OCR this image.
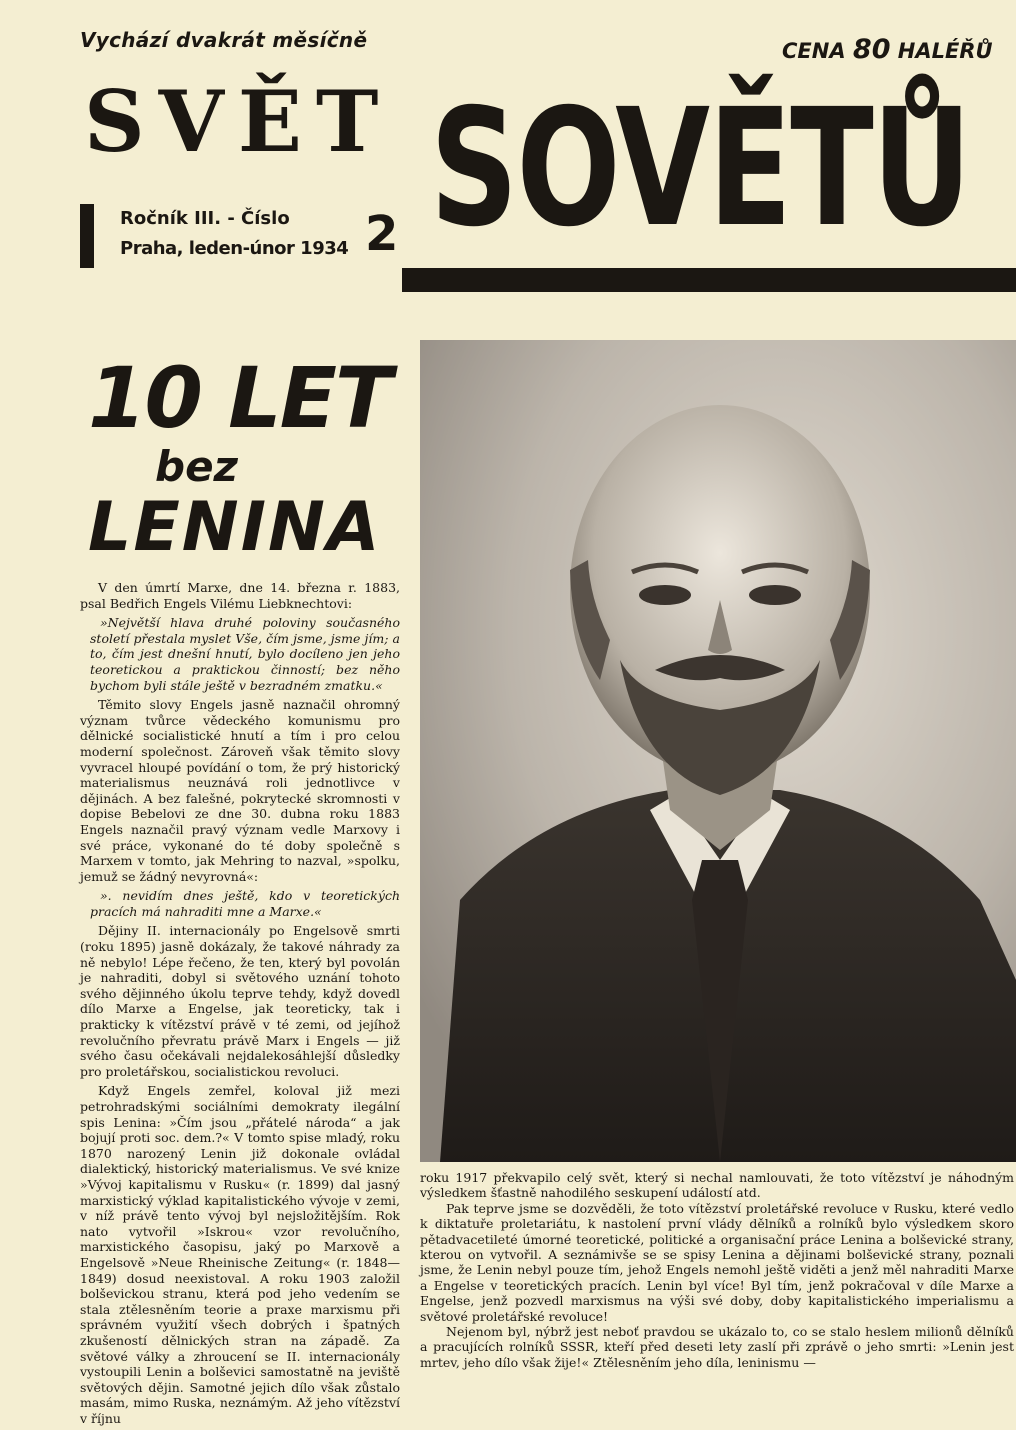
Vychází dvakrát měsíčně	CENA 80 HALÉŘŮ
SVĚT SOVĚTŮ
Ročník III. - Číslo
Praha, leden-únor 1934 2
10 LET
bez
LENINA

V den úmrtí Marxe, dne 14. března r. 1883, psal Bedřich Engels Vilému Liebknechtovi:

»Největší hlava druhé poloviny současného století přestala myslet Vše, čím jsme, jsme jím; a to, čím jest dnešní hnutí, bylo docíleno jen jeho teoretickou a praktickou činností; bez něho bychom byli stále ještě v bezradném zmatku.«

Těmito slovy Engels jasně naznačil ohromný význam tvůrce vědeckého komunismu pro dělnické socialistické hnutí a tím i pro celou moderní společnost. Zároveň však těmito slovy vyvracel hloupé povídání o tom, že prý historický materialismus neuznává roli jednotlivce v dějinách. A bez falešné, pokrytecké skromnosti v dopise Bebelovi ze dne 30. dubna roku 1883 Engels naznačil pravý význam vedle Marxovy i své práce, vykonané do té doby společně s Marxem v tomto, jak Mehring to nazval, »spolku, jemuž se žádný nevyrovná«:

». nevidím dnes ještě, kdo v teoretických pracích má nahraditi mne a Marxe.«

Dějiny II. internacionály po Engelsově smrti (roku 1895) jasně dokázaly, že takové náhrady za ně nebylo! Lépe řečeno, že ten, který byl povolán je nahraditi, dobyl si světového uznání tohoto svého dějinného úkolu teprve tehdy, když dovedl dílo Marxe a Engelse, jak teoreticky, tak i prakticky k vítězství právě v té zemi, od jejíhož revolučního převratu právě Marx i Engels — již svého času očekávali nejdalekosáhlejší důsledky pro proletářskou, socialistickou revoluci.

Když Engels zemřel, koloval již mezi petrohradskými sociálními demokraty ilegální spis Lenina: »Čím jsou „přátelé národa“ a jak bojují proti soc. dem.?« V tomto spise mladý, roku 1870 narozený Lenin již dokonale ovládal dialektický, historický materialismus. Ve své knize »Vývoj kapitalismu v Rusku« (r. 1899) dal jasný marxistický výklad kapitalistického vývoje v zemi, v níž právě tento vývoj byl nejsložitějším. Rok nato vytvořil »Iskrou« vzor revolučního, marxistického časopisu, jaký po Marxově a Engelsově »Neue Rheinische Zeitung« (r. 1848—1849) dosud neexistoval. A roku 1903 založil bolševickou stranu, která pod jeho vedením se stala ztělesněním teorie a praxe marxismu při správném využití všech dobrých i špatných zkušeností dělnických stran na západě. Za světové války a zhroucení se II. internacionály vystoupili Lenin a bolševici samostatně na jeviště světových dějin. Samotné jejich dílo však zůstalo masám, mimo Ruska, neznámým. Až jeho vítězství v říjnu

roku 1917 překvapilo celý svět, který si nechal namlouvati, že toto vítězství je náhodným výsledkem šťastně nahodilého seskupení událostí atd.

Pak teprve jsme se dozvěděli, že toto vítězství proletářské revoluce v Rusku, které vedlo k diktatuře proletariátu, k nastolení první vlády dělníků a rolníků bylo výsledkem skoro pětadvacetileté úmorné teoretické, politické a organisační práce Lenina a bolševické strany, kterou on vytvořil. A seznámivše se se spisy Lenina a dějinami bolševické strany, poznali jsme, že Lenin nebyl pouze tím, jehož Engels nemohl ještě viděti a jenž měl nahraditi Marxe a Engelse v teoretických pracích. Lenin byl více! Byl tím, jenž pokračoval v díle Marxe a Engelse, jenž pozvedl marxismus na výši své doby, doby kapitalistického imperialismu a světové proletářské revoluce!

Nejenom byl, nýbrž jest neboť pravdou se ukázalo to, co se stalo heslem milionů dělníků a pracujících rolníků SSSR, kteří před deseti lety zaslí při zprávě o jeho smrti: »Lenin jest mrtev, jeho dílo však žije!« Ztělesněním jeho díla, leninismu —
